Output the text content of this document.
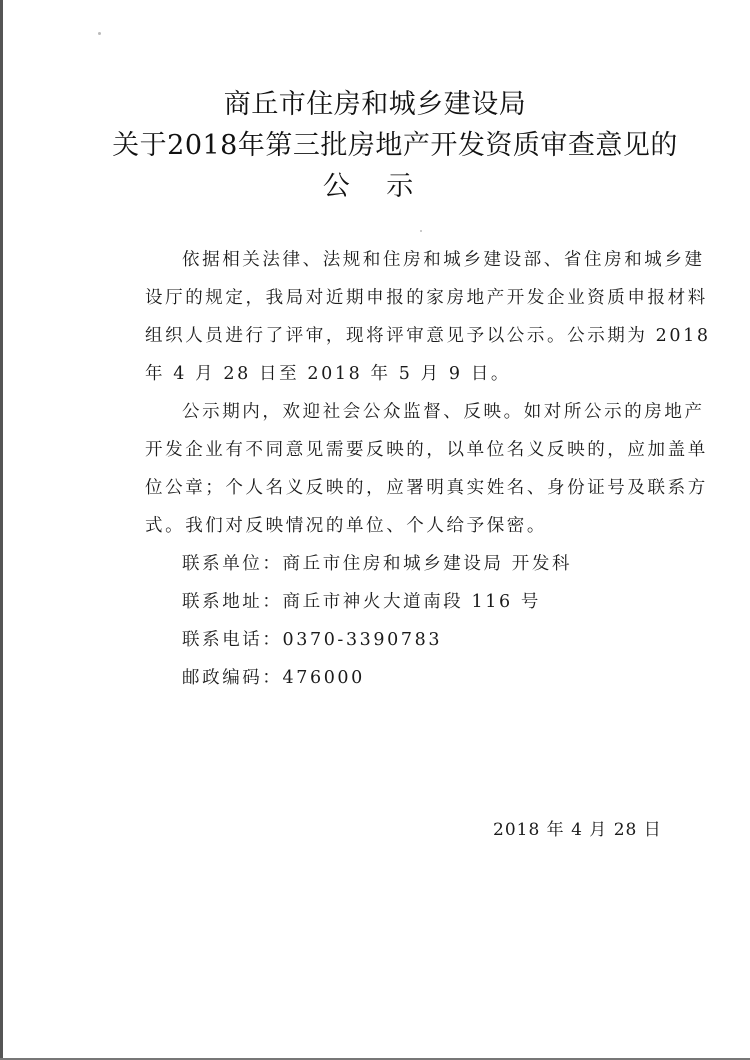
商丘市住房和城乡建设局
关于2018年第三批房地产开发资质审查意见的
公 示
依据相关法律、法规和住房和城乡建设部、省住房和城乡建
设厅的规定，我局对近期申报的家房地产开发企业资质申报材料
组织人员进行了评审，现将评审意见予以公示。公示期为 2018
年 4 月 28 日至 2018 年 5 月 9 日。
公示期内，欢迎社会公众监督、反映。如对所公示的房地产
开发企业有不同意见需要反映的，以单位名义反映的，应加盖单
位公章；个人名义反映的，应署明真实姓名、身份证号及联系方
式。我们对反映情况的单位、个人给予保密。
联系单位：商丘市住房和城乡建设局 开发科
联系地址：商丘市神火大道南段 116 号
联系电话：0370-3390783
邮政编码：476000
2018 年 4 月 28 日
